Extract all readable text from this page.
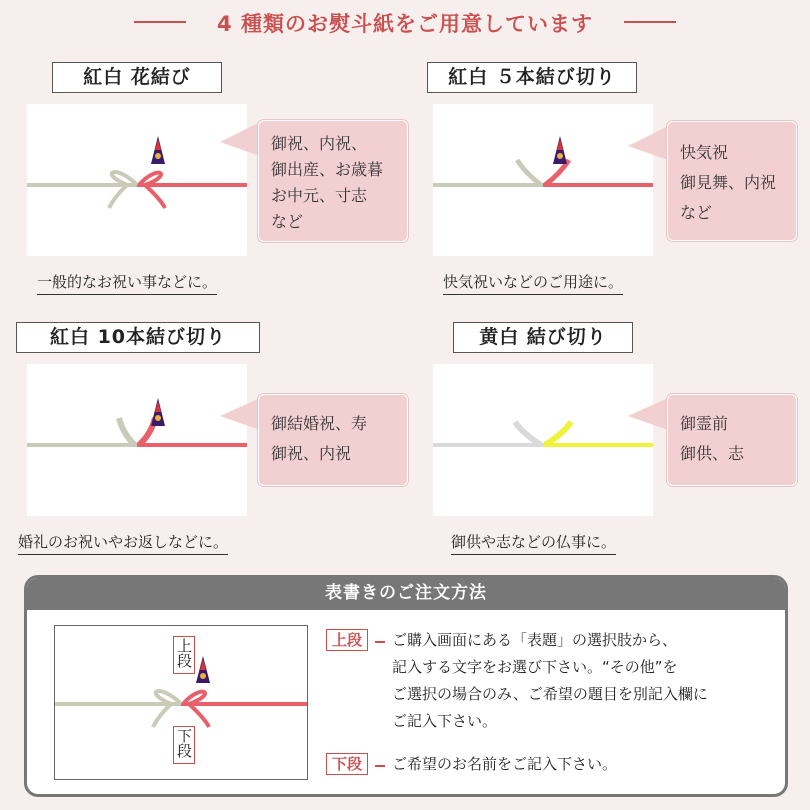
4 種類のお熨斗紙をご用意しています
紅白 花結び
御祝、内祝、
御出産、お歳暮
お中元、寸志
など
一般的なお祝い事などに。
紅白 ５本結び切り
快気祝
御見舞、内祝
など
快気祝いなどのご用途に。
紅白 10本結び切り
御結婚祝、寿
御祝、内祝
婚礼のお祝いやお返しなどに。
黄白 結び切り
御霊前
御供、志
御供や志などの仏事に。
表書きのご注文方法
上段
下段
上段	ご購入画面にある「表題」の選択肢から、
記入する文字をお選び下さい。“その他”を
ご選択の場合のみ、ご希望の題目を別記入欄に
ご記入下さい。
下段	ご希望のお名前をご記入下さい。
